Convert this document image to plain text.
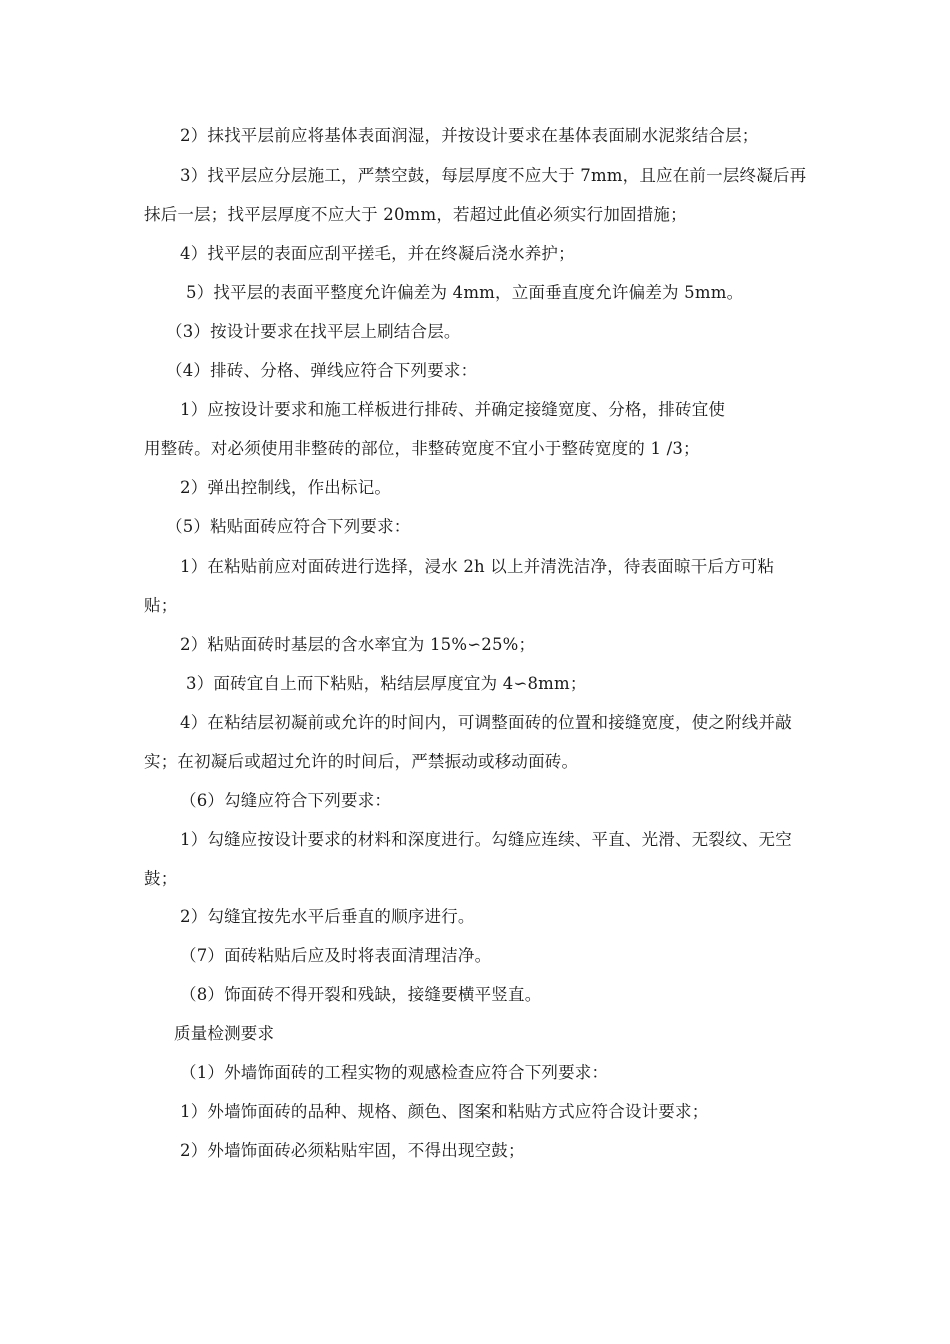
2）抹找平层前应将基体表面润湿，并按设计要求在基体表面刷水泥浆结合层；
3）找平层应分层施工，严禁空鼓，每层厚度不应大于 7mm，且应在前一层终凝后再
抹后一层；找平层厚度不应大于 20mm，若超过此值必须实行加固措施；
4）找平层的表面应刮平搓毛，并在终凝后浇水养护；
5）找平层的表面平整度允许偏差为 4mm，立面垂直度允许偏差为 5mm。
（3）按设计要求在找平层上刷结合层。
（4）排砖、分格、弹线应符合下列要求：
1）应按设计要求和施工样板进行排砖、并确定接缝宽度、分格，排砖宜使
用整砖。对必须使用非整砖的部位，非整砖宽度不宜小于整砖宽度的 1 /3；
2）弹出控制线，作出标记。
（5）粘贴面砖应符合下列要求：
1）在粘贴前应对面砖进行选择，浸水 2h 以上并清洗洁净，待表面晾干后方可粘
贴；
2）粘贴面砖时基层的含水率宜为 15%∽25%；
3）面砖宜自上而下粘贴，粘结层厚度宜为 4∽8mm；
4）在粘结层初凝前或允许的时间内，可调整面砖的位置和接缝宽度，使之附线并敲
实；在初凝后或超过允许的时间后，严禁振动或移动面砖。
（6）勾缝应符合下列要求：
1）勾缝应按设计要求的材料和深度进行。勾缝应连续、平直、光滑、无裂纹、无空
鼓；
2）勾缝宜按先水平后垂直的顺序进行。
（7）面砖粘贴后应及时将表面清理洁净。
（8）饰面砖不得开裂和残缺，接缝要横平竖直。
质量检测要求
（1）外墙饰面砖的工程实物的观感检查应符合下列要求：
1）外墙饰面砖的品种、规格、颜色、图案和粘贴方式应符合设计要求；
2）外墙饰面砖必须粘贴牢固，不得出现空鼓；
